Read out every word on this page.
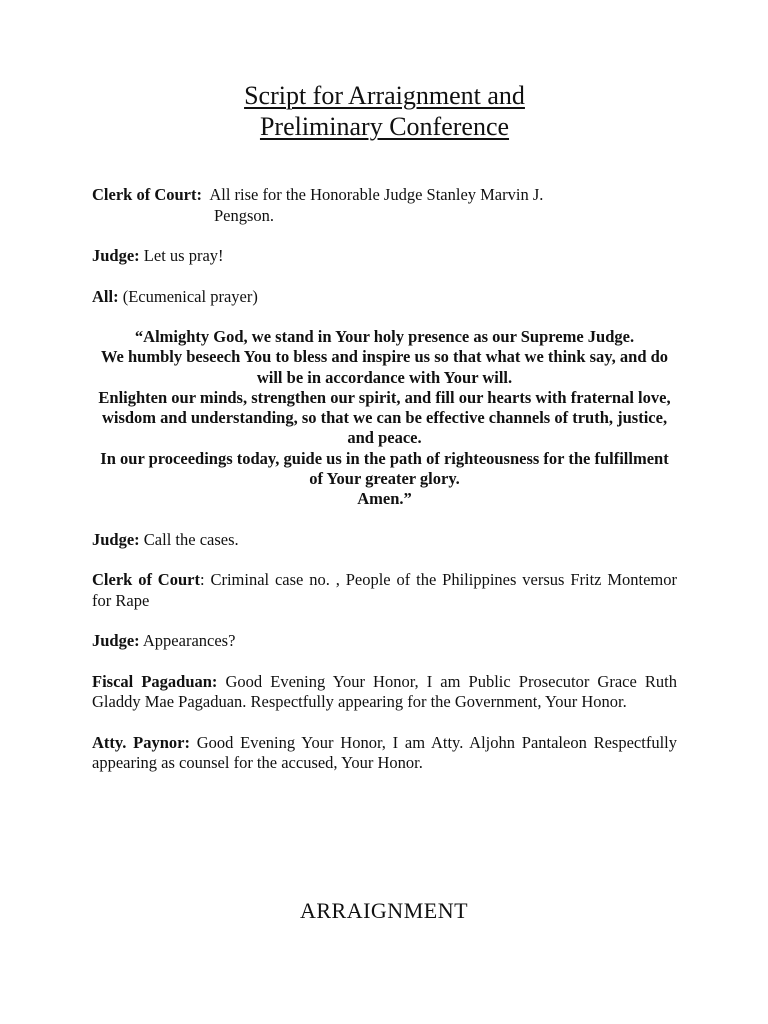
Script for Arraignment and
Preliminary Conference

Clerk of Court: All rise for the Honorable Judge Stanley Marvin J.
Pengson.

Judge: Let us pray!

All: (Ecumenical prayer)

“Almighty God, we stand in Your holy presence as our Supreme Judge.
We humbly beseech You to bless and inspire us so that what we think say, and do will be in accordance with Your will.
Enlighten our minds, strengthen our spirit, and fill our hearts with fraternal love, wisdom and understanding, so that we can be effective channels of truth, justice, and peace.
In our proceedings today, guide us in the path of righteousness for the fulfillment of Your greater glory.
Amen.”

Judge: Call the cases.

Clerk of Court: Criminal case no. , People of the Philippines versus Fritz Montemor for Rape

Judge: Appearances?

Fiscal Pagaduan: Good Evening Your Honor, I am Public Prosecutor Grace Ruth Gladdy Mae Pagaduan. Respectfully appearing for the Government, Your Honor.

Atty. Paynor: Good Evening Your Honor, I am Atty. Aljohn Pantaleon Respectfully appearing as counsel for the accused, Your Honor.

ARRAIGNMENT
